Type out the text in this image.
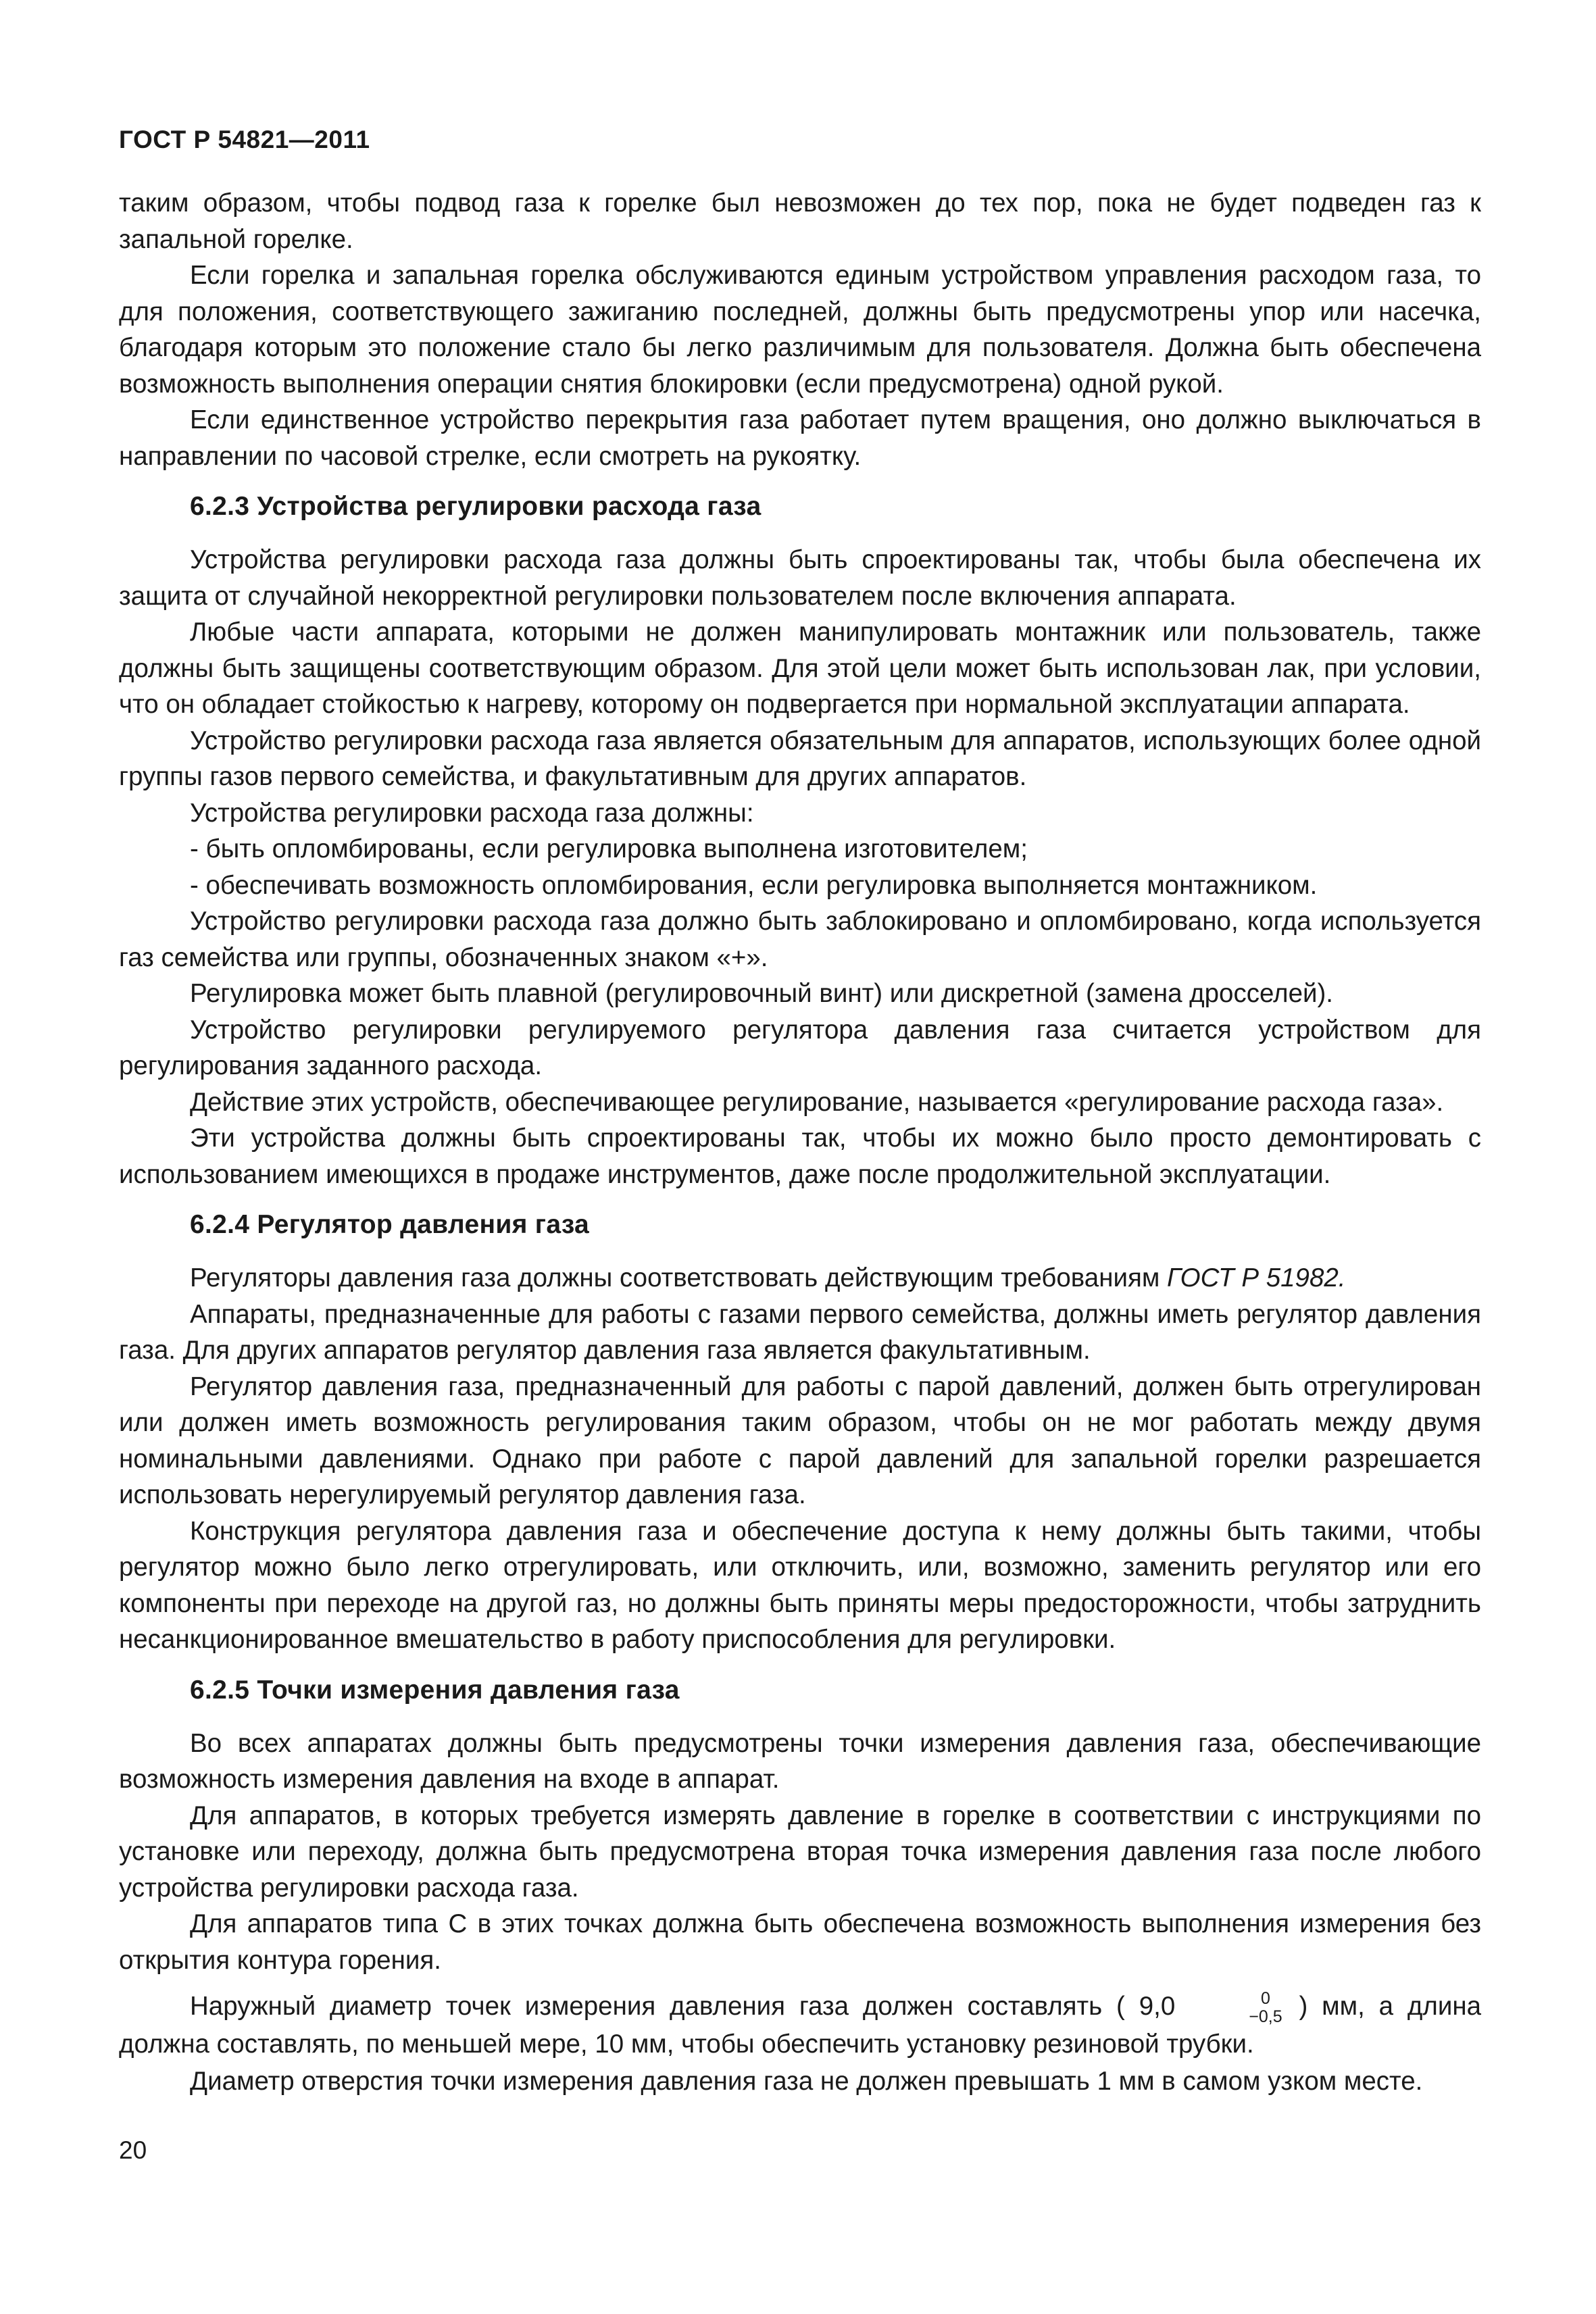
ГОСТ Р 54821—2011

таким образом, чтобы подвод газа к горелке был невозможен до тех пор, пока не будет подведен газ к запальной горелке.

Если горелка и запальная горелка обслуживаются единым устройством управления расходом газа, то для положения, соответствующего зажиганию последней, должны быть предусмотрены упор или насечка, благодаря которым это положение стало бы легко различимым для пользователя. Должна быть обеспечена возможность выполнения операции снятия блокировки (если предусмотрена) одной рукой.

Если единственное устройство перекрытия газа работает путем вращения, оно должно выключаться в направлении по часовой стрелке, если смотреть на рукоятку.

6.2.3 Устройства регулировки расхода газа

Устройства регулировки расхода газа должны быть спроектированы так, чтобы была обеспечена их защита от случайной некорректной регулировки пользователем после включения аппарата.

Любые части аппарата, которыми не должен манипулировать монтажник или пользователь, также должны быть защищены соответствующим образом. Для этой цели может быть использован лак, при условии, что он обладает стойкостью к нагреву, которому он подвергается при нормальной эксплуатации аппарата.

Устройство регулировки расхода газа является обязательным для аппаратов, использующих более одной группы газов первого семейства, и факультативным для других аппаратов.

Устройства регулировки расхода газа должны:

- быть опломбированы, если регулировка выполнена изготовителем;

- обеспечивать возможность опломбирования, если регулировка выполняется монтажником.

Устройство регулировки расхода газа должно быть заблокировано и опломбировано, когда используется газ семейства или группы, обозначенных знаком «+».

Регулировка может быть плавной (регулировочный винт) или дискретной (замена дросселей).

Устройство регулировки регулируемого регулятора давления газа считается устройством для регулирования заданного расхода.

Действие этих устройств, обеспечивающее регулирование, называется «регулирование расхода газа».

Эти устройства должны быть спроектированы так, чтобы их можно было просто демонтировать с использованием имеющихся в продаже инструментов, даже после продолжительной эксплуатации.

6.2.4 Регулятор давления газа

Регуляторы давления газа должны соответствовать действующим требованиям ГОСТ Р 51982.

Аппараты, предназначенные для работы с газами первого семейства, должны иметь регулятор давления газа. Для других аппаратов регулятор давления газа является факультативным.

Регулятор давления газа, предназначенный для работы с парой давлений, должен быть отрегулирован или должен иметь возможность регулирования таким образом, чтобы он не мог работать между двумя номинальными давлениями. Однако при работе с парой давлений для запальной горелки разрешается использовать нерегулируемый регулятор давления газа.

Конструкция регулятора давления газа и обеспечение доступа к нему должны быть такими, чтобы регулятор можно было легко отрегулировать, или отключить, или, возможно, заменить регулятор или его компоненты при переходе на другой газ, но должны быть приняты меры предосторожности, чтобы затруднить несанкционированное вмешательство в работу приспособления для регулировки.

6.2.5 Точки измерения давления газа

Во всех аппаратах должны быть предусмотрены точки измерения давления газа, обеспечивающие возможность измерения давления на входе в аппарат.

Для аппаратов, в которых требуется измерять давление в горелке в соответствии с инструкциями по установке или переходу, должна быть предусмотрена вторая точка измерения давления газа после любого устройства регулировки расхода газа.

Для аппаратов типа С в этих точках должна быть обеспечена возможность выполнения измерения без открытия контура горения.

Наружный диаметр точек измерения давления газа должен составлять ( 9,0	0
−0,5 ) мм, а длина должна составлять, по меньшей мере, 10 мм, чтобы обеспечить установку резиновой трубки.

Диаметр отверстия точки измерения давления газа не должен превышать 1 мм в самом узком месте.

20
